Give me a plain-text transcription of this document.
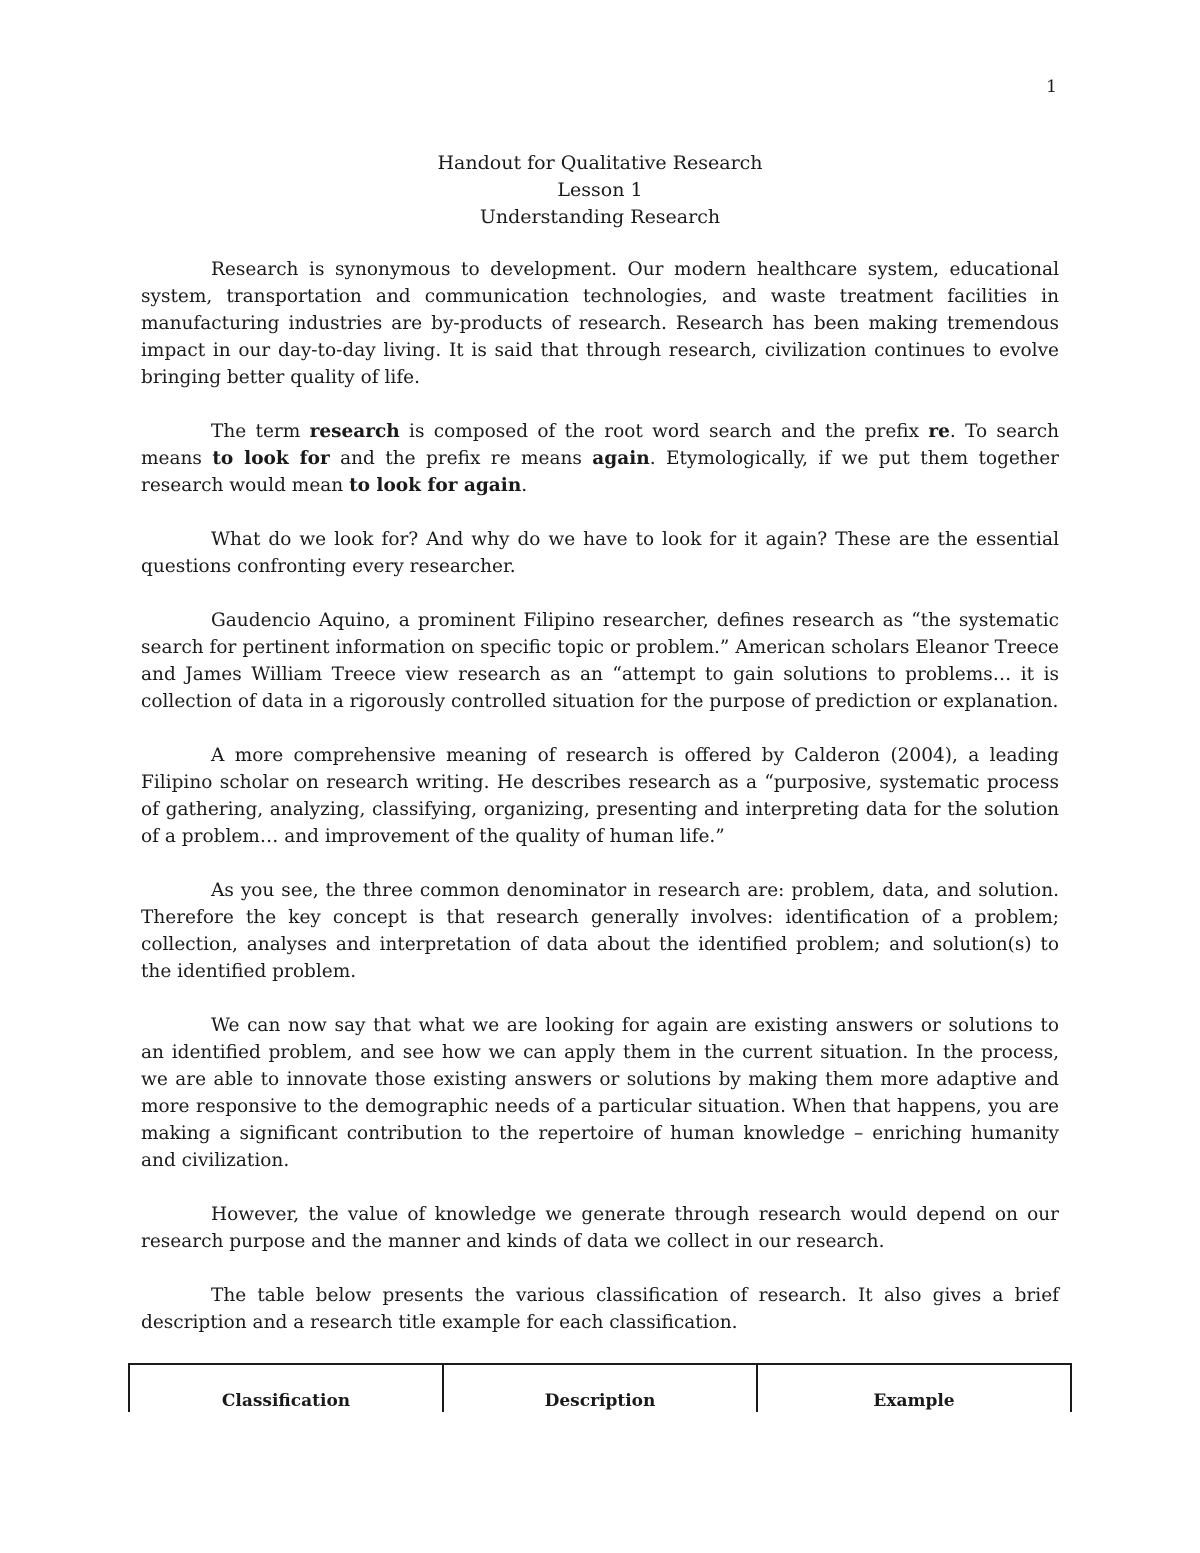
1
Handout for Qualitative Research
Lesson 1
Understanding Research

Research is synonymous to development. Our modern healthcare system, educational system, transportation and communication technologies, and waste treatment facilities in manufacturing industries are by-products of research. Research has been making tremendous impact in our day-to-day living. It is said that through research, civilization continues to evolve bringing better quality of life.

The term research is composed of the root word search and the prefix re. To search means to look for and the prefix re means again. Etymologically, if we put them together research would mean to look for again.

What do we look for? And why do we have to look for it again? These are the essential questions confronting every researcher.

Gaudencio Aquino, a prominent Filipino researcher, defines research as “the systematic search for pertinent information on specific topic or problem.” American scholars Eleanor Treece and James William Treece view research as an “attempt to gain solutions to problems… it is collection of data in a rigorously controlled situation for the purpose of prediction or explanation.

A more comprehensive meaning of research is offered by Calderon (2004), a leading Filipino scholar on research writing. He describes research as a “purposive, systematic process of gathering, analyzing, classifying, organizing, presenting and interpreting data for the solution of a problem… and improvement of the quality of human life.”

As you see, the three common denominator in research are: problem, data, and solution. Therefore the key concept is that research generally involves: identification of a problem; collection, analyses and interpretation of data about the identified problem; and solution(s) to the identified problem.

We can now say that what we are looking for again are existing answers or solutions to an identified problem, and see how we can apply them in the current situation. In the process, we are able to innovate those existing answers or solutions by making them more adaptive and more responsive to the demographic needs of a particular situation. When that happens, you are making a significant contribution to the repertoire of human knowledge – enriching humanity and civilization.

However, the value of knowledge we generate through research would depend on our research purpose and the manner and kinds of data we collect in our research.

The table below presents the various classification of research. It also gives a brief description and a research title example for each classification.

Classification	Description	Example
